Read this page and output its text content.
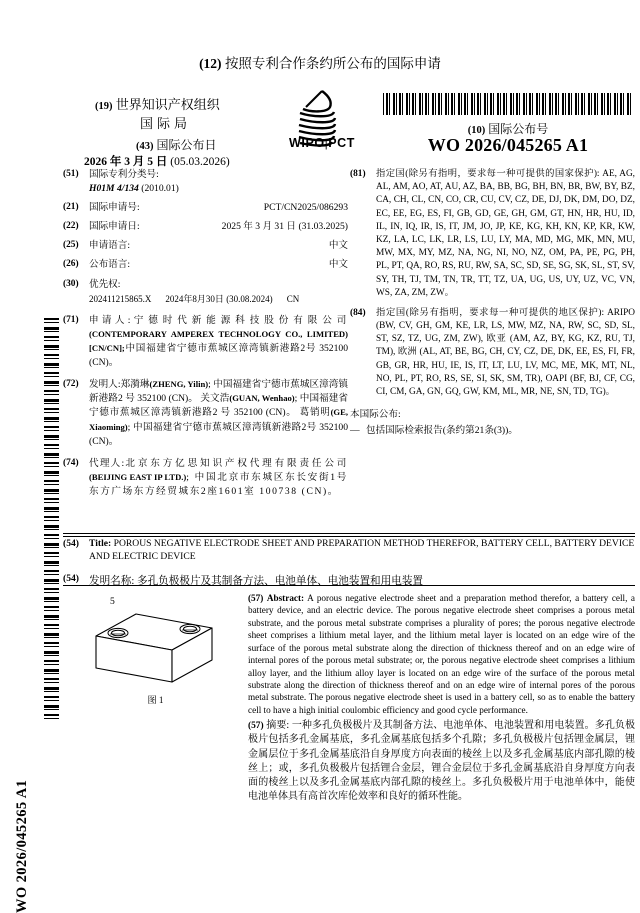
WO 2026/045265 A1
(12) 按照专利合作条约所公布的国际申请
(19) 世界知识产权组织
国际局
(43) 国际公布日
2026 年 3 月 5 日 (05.03.2026)
WIPO|PCT
(10) 国际公布号
WO 2026/045265 A1
(51)	国际专利分类号:
H01M 4/134 (2010.01)
(21)	国际申请号:	PCT/CN2025/086293
(22)	国际申请日:	2025 年 3 月 31 日 (31.03.2025)
(25)	申请语言:	中文
(26)	公布语言:	中文
(30)	优先权:
202411215865.X 2024年8月30日 (30.08.2024) CN
(71)	申请人:宁德时代新能源科技股份有限公司 (CONTEMPORARY AMPEREX TECHNOLOGY CO., LIMITED) [CN/CN];中国福建省宁德市蕉城区漳湾镇新港路2号 352100 (CN)。
(72)	发明人:郑漪琳(ZHENG, Yilin); 中国福建省宁德市蕉城区漳湾镇新港路2 号 352100 (CN)。 关文浩(GUAN, Wenhao); 中国福建省宁德市蕉城区漳湾镇新港路2 号 352100 (CN)。 葛销明(GE, Xiaoming); 中国福建省宁德市蕉城区漳湾镇新港路2号 352100 (CN)。
(74)	代理人:北京东方亿思知识产权代理有限责任公司(BEIJING EAST IP LTD.); 中国北京市东城区东长安街1号东方广场东方经贸城东2座1601室 100738 (CN)。
(81)	指定国(除另有指明，要求每一种可提供的国家保护): AE, AG, AL, AM, AO, AT, AU, AZ, BA, BB, BG, BH, BN, BR, BW, BY, BZ, CA, CH, CL, CN, CO, CR, CU, CV, CZ, DE, DJ, DK, DM, DO, DZ, EC, EE, EG, ES, FI, GB, GD, GE, GH, GM, GT, HN, HR, HU, ID, IL, IN, IQ, IR, IS, IT, JM, JO, JP, KE, KG, KH, KN, KP, KR, KW, KZ, LA, LC, LK, LR, LS, LU, LY, MA, MD, MG, MK, MN, MU, MW, MX, MY, MZ, NA, NG, NI, NO, NZ, OM, PA, PE, PG, PH, PL, PT, QA, RO, RS, RU, RW, SA, SC, SD, SE, SG, SK, SL, ST, SV, SY, TH, TJ, TM, TN, TR, TT, TZ, UA, UG, US, UY, UZ, VC, VN, WS, ZA, ZM, ZW。
(84)	指定国(除另有指明，要求每一种可提供的地区保护): ARIPO (BW, CV, GH, GM, KE, LR, LS, MW, MZ, NA, RW, SC, SD, SL, ST, SZ, TZ, UG, ZM, ZW), 欧亚 (AM, AZ, BY, KG, KZ, RU, TJ, TM), 欧洲 (AL, AT, BE, BG, CH, CY, CZ, DE, DK, EE, ES, FI, FR, GB, GR, HR, HU, IE, IS, IT, LT, LU, LV, MC, ME, MK, MT, NL, NO, PL, PT, RO, RS, SE, SI, SK, SM, TR), OAPI (BF, BJ, CF, CG, CI, CM, GA, GN, GQ, GW, KM, ML, MR, NE, SN, TD, TG)。
本国际公布:
— 包括国际检索报告(条约第21条(3))。
(54) Title: POROUS NEGATIVE ELECTRODE SHEET AND PREPARATION METHOD THEREFOR, BATTERY CELL, BATTERY DEVICE AND ELECTRIC DEVICE
(54) 发明名称: 多孔负极极片及其制备方法、电池单体、电池装置和用电装置
5
图 1
(57) Abstract: A porous negative electrode sheet and a preparation method therefor, a battery cell, a battery device, and an electric device. The porous negative electrode sheet comprises a porous metal substrate, and the porous metal substrate comprises a plurality of pores; the porous negative electrode sheet comprises a lithium metal layer, and the lithium metal layer is located on an edge wire of the surface of the porous metal substrate along the direction of thickness thereof and on an edge wire of internal pores of the porous metal substrate; or, the porous negative electrode sheet comprises a lithium alloy layer, and the lithium alloy layer is located on an edge wire of the surface of the porous metal substrate along the direction of thickness thereof and on an edge wire of internal pores of the porous metal substrate. The porous negative electrode sheet is used in a battery cell, so as to enable the battery cell to have a high initial coulombic efficiency and good cycle performance.
(57) 摘要: 一种多孔负极极片及其制备方法、电池单体、电池装置和用电装置。多孔负极极片包括多孔金属基底，多孔金属基底包括多个孔隙；多孔负极极片包括锂金属层，锂金属层位于多孔金属基底沿自身厚度方向表面的棱丝上以及多孔金属基底内部孔隙的棱丝上；或，多孔负极极片包括锂合金层，锂合金层位于多孔金属基底沿自身厚度方向表面的棱丝上以及多孔金属基底内部孔隙的棱丝上。多孔负极极片用于电池单体中，能使电池单体具有高首次库伦效率和良好的循环性能。
